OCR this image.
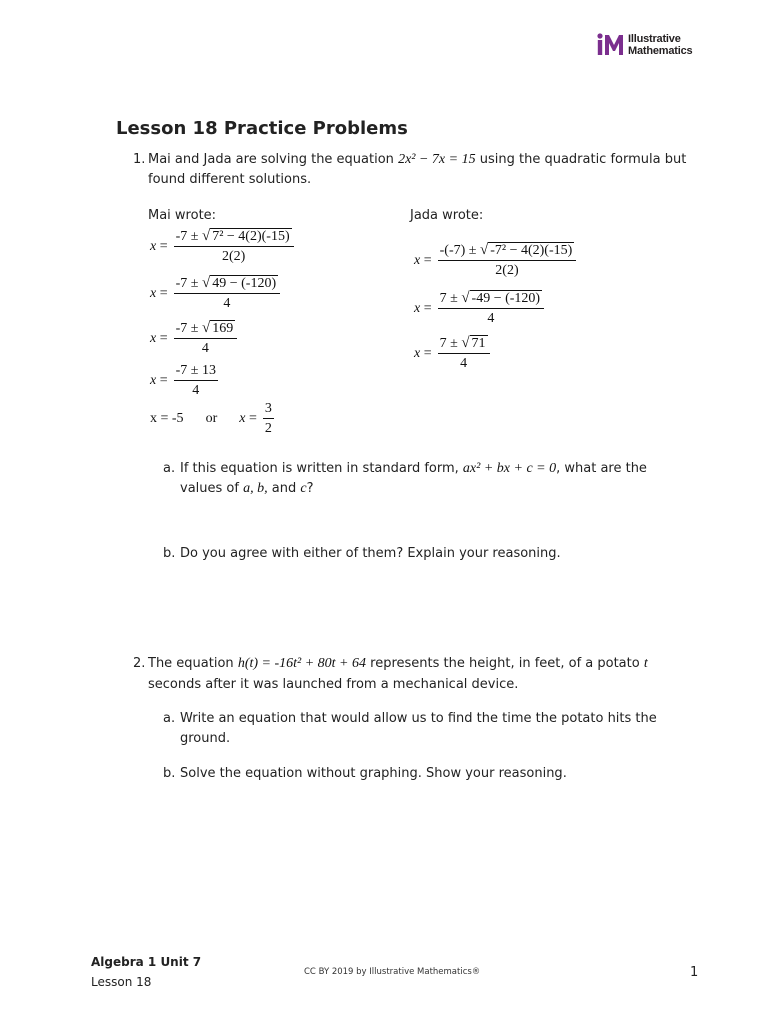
Illustrative
Mathematics
Lesson 18 Practice Problems
1. Mai and Jada are solving the equation 2x² − 7x = 15 using the quadratic formula but
found different solutions.
Mai wrote:	Jada wrote:
$x = \frac{\text{-7 ± √ 7² − 4(2)(-15)}}{2(2)}$
$x = \frac{-7 \pm √ 49 - (-120)}{4}$
$x = \frac{-7 \pm √ 169}{4}$
$x = \frac{-7 \pm 13}{4}$
x = -5 or $x = \frac{3}{2}$
$x = \frac{\text{-(-7) ± √ -7² − 4(2)(-15)}}{2(2)}$
$x = \frac{7 \pm √ -49 - (-120)}{4}$
$x = \frac{7 \pm √ 71}{4}$
a. If this equation is written in standard form, ax² + bx + c = 0, what are the
values of a, b, and c?
b. Do you agree with either of them? Explain your reasoning.
2. The equation h(t) = -16t² + 80t + 64 represents the height, in feet, of a potato t
seconds after it was launched from a mechanical device.
a. Write an equation that would allow us to find the time the potato hits the
ground.
b. Solve the equation without graphing. Show your reasoning.
Algebra 1 Unit 7
Lesson 18
CC BY 2019 by Illustrative Mathematics®	1
